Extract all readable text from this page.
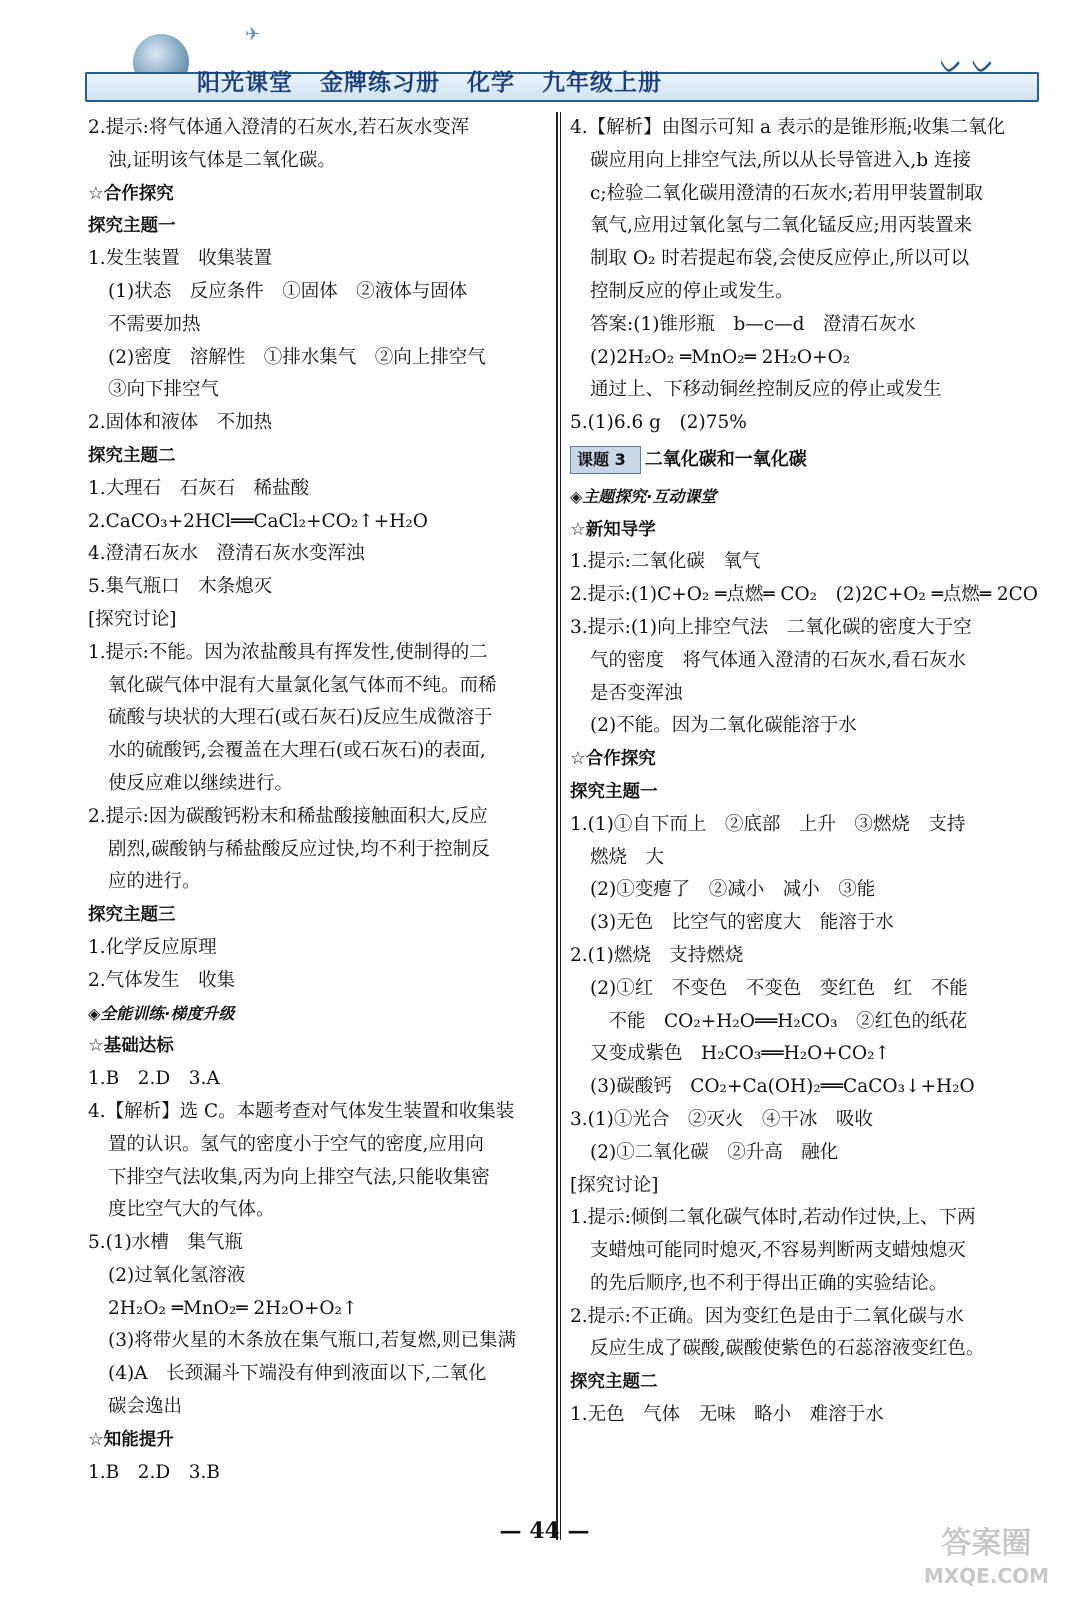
✈
阳光课堂 金牌练习册 化学 九年级上册
ᨆ ᨆ
2.提示:将气体通入澄清的石灰水,若石灰水变浑
浊,证明该气体是二氧化碳。
☆合作探究
探究主题一
1.发生装置　收集装置
(1)状态　反应条件　①固体　②液体与固体
不需要加热
(2)密度　溶解性　①排水集气　②向上排空气
③向下排空气
2.固体和液体　不加热
探究主题二
1.大理石　石灰石　稀盐酸
2.CaCO₃+2HCl══CaCl₂+CO₂↑+H₂O
4.澄清石灰水　澄清石灰水变浑浊
5.集气瓶口　木条熄灭
[探究讨论]
1.提示:不能。因为浓盐酸具有挥发性,使制得的二
氧化碳气体中混有大量氯化氢气体而不纯。而稀
硫酸与块状的大理石(或石灰石)反应生成微溶于
水的硫酸钙,会覆盖在大理石(或石灰石)的表面,
使反应难以继续进行。
2.提示:因为碳酸钙粉末和稀盐酸接触面积大,反应
剧烈,碳酸钠与稀盐酸反应过快,均不利于控制反
应的进行。
探究主题三
1.化学反应原理
2.气体发生　收集
◈全能训练·梯度升级
☆基础达标
1.B　2.D　3.A
4.【解析】选 C。本题考查对气体发生装置和收集装
置的认识。氢气的密度小于空气的密度,应用向
下排空气法收集,丙为向上排空气法,只能收集密
度比空气大的气体。
5.(1)水槽　集气瓶
(2)过氧化氢溶液
2H₂O₂ ═MnO₂═ 2H₂O+O₂↑
(3)将带火星的木条放在集气瓶口,若复燃,则已集满
(4)A　长颈漏斗下端没有伸到液面以下,二氧化
碳会逸出
☆知能提升
1.B　2.D　3.B
4.【解析】由图示可知 a 表示的是锥形瓶;收集二氧化
碳应用向上排空气法,所以从长导管进入,b 连接
c;检验二氧化碳用澄清的石灰水;若用甲装置制取
氧气,应用过氧化氢与二氧化锰反应;用丙装置来
制取 O₂ 时若提起布袋,会使反应停止,所以可以
控制反应的停止或发生。
答案:(1)锥形瓶　b—c—d　澄清石灰水
(2)2H₂O₂ ═MnO₂═ 2H₂O+O₂
通过上、下移动铜丝控制反应的停止或发生
5.(1)6.6 g　(2)75%
课题 3 二氧化碳和一氧化碳
◈主题探究·互动课堂
☆新知导学
1.提示:二氧化碳　氧气
2.提示:(1)C+O₂ ═点燃═ CO₂　(2)2C+O₂ ═点燃═ 2CO
3.提示:(1)向上排空气法　二氧化碳的密度大于空
气的密度　将气体通入澄清的石灰水,看石灰水
是否变浑浊
(2)不能。因为二氧化碳能溶于水
☆合作探究
探究主题一
1.(1)①自下而上　②底部　上升　③燃烧　支持
燃烧　大
(2)①变瘪了　②减小　减小　③能
(3)无色　比空气的密度大　能溶于水
2.(1)燃烧　支持燃烧
(2)①红　不变色　不变色　变红色　红　不能
　不能　CO₂+H₂O══H₂CO₃　②红色的纸花
又变成紫色　H₂CO₃══H₂O+CO₂↑
(3)碳酸钙　CO₂+Ca(OH)₂══CaCO₃↓+H₂O
3.(1)①光合　②灭火　④干冰　吸收
(2)①二氧化碳　②升高　融化
[探究讨论]
1.提示:倾倒二氧化碳气体时,若动作过快,上、下两
支蜡烛可能同时熄灭,不容易判断两支蜡烛熄灭
的先后顺序,也不利于得出正确的实验结论。
2.提示:不正确。因为变红色是由于二氧化碳与水
反应生成了碳酸,碳酸使紫色的石蕊溶液变红色。
探究主题二
1.无色　气体　无味　略小　难溶于水
— 44 —	答案圈
MXQE.COM
